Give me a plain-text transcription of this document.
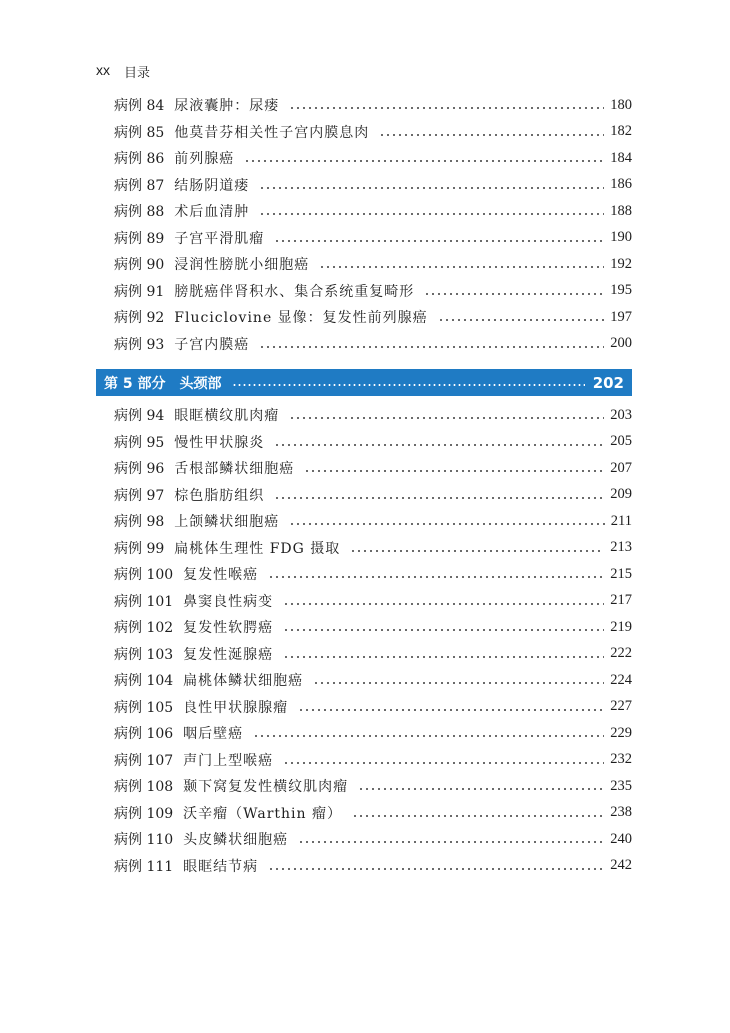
xx 目录
病例 84 尿液囊肿：尿瘘	180
病例 85 他莫昔芬相关性子宫内膜息肉	182
病例 86 前列腺癌	184
病例 87 结肠阴道瘘	186
病例 88 术后血清肿	188
病例 89 子宫平滑肌瘤	190
病例 90 浸润性膀胱小细胞癌	192
病例 91 膀胱癌伴肾积水、集合系统重复畸形	195
病例 92 Fluciclovine 显像：复发性前列腺癌	197
病例 93 子宫内膜癌	200
第 5 部分 头颈部	202
病例 94 眼眶横纹肌肉瘤	203
病例 95 慢性甲状腺炎	205
病例 96 舌根部鳞状细胞癌	207
病例 97 棕色脂肪组织	209
病例 98 上颌鳞状细胞癌	211
病例 99 扁桃体生理性 FDG 摄取	213
病例 100 复发性喉癌	215
病例 101 鼻窦良性病变	217
病例 102 复发性软腭癌	219
病例 103 复发性涎腺癌	222
病例 104 扁桃体鳞状细胞癌	224
病例 105 良性甲状腺腺瘤	227
病例 106 咽后壁癌	229
病例 107 声门上型喉癌	232
病例 108 颞下窝复发性横纹肌肉瘤	235
病例 109 沃辛瘤（Warthin 瘤）	238
病例 110 头皮鳞状细胞癌	240
病例 111 眼眶结节病	242
